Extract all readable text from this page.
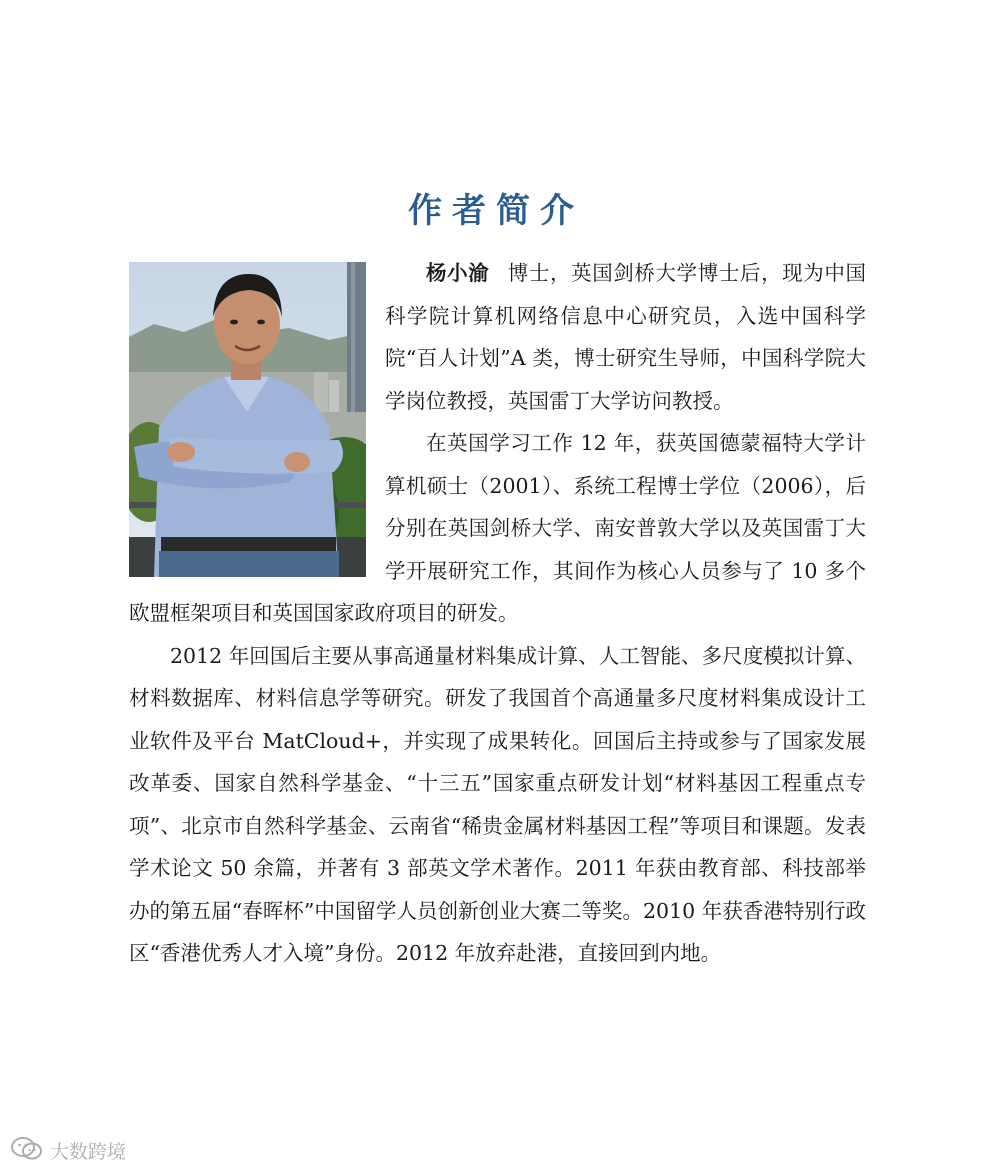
作者简介

杨小渝 博士，英国剑桥大学博士后，现为中国科学院计算机网络信息中心研究员，入选中国科学院“百人计划”A 类，博士研究生导师，中国科学院大学岗位教授，英国雷丁大学访问教授。

在英国学习工作 12 年，获英国德蒙福特大学计算机硕士（2001）、系统工程博士学位（2006），后分别在英国剑桥大学、南安普敦大学以及英国雷丁大学开展研究工作，其间作为核心人员参与了 10 多个欧盟框架项目和英国国家政府项目的研发。

2012 年回国后主要从事高通量材料集成计算、人工智能、多尺度模拟计算、材料数据库、材料信息学等研究。研发了我国首个高通量多尺度材料集成设计工业软件及平台 MatCloud+，并实现了成果转化。回国后主持或参与了国家发展改革委、国家自然科学基金、“十三五”国家重点研发计划“材料基因工程重点专项”、北京市自然科学基金、云南省“稀贵金属材料基因工程”等项目和课题。发表学术论文 50 余篇，并著有 3 部英文学术著作。2011 年获由教育部、科技部举办的第五届“春晖杯”中国留学人员创新创业大赛二等奖。2010 年获香港特别行政区“香港优秀人才入境”身份。2012 年放弃赴港，直接回到内地。

大数跨境
